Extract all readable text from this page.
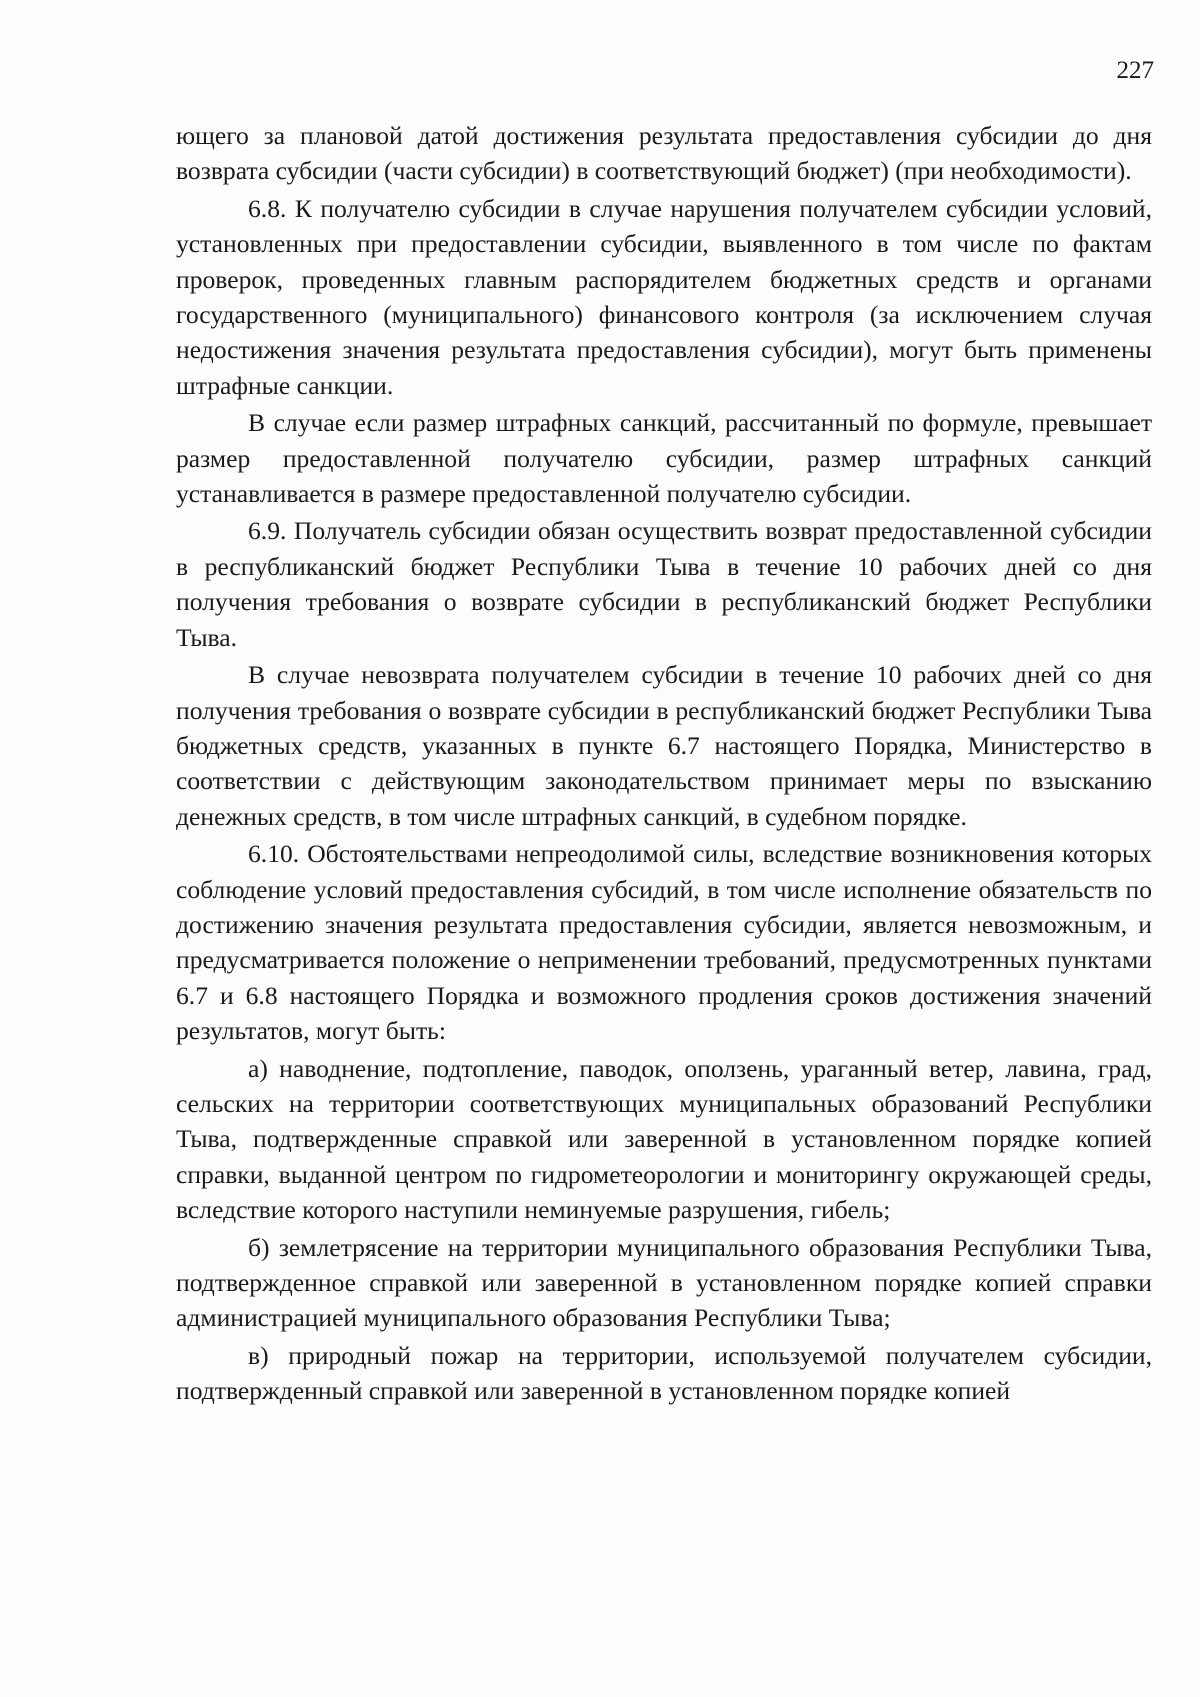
227

ющего за плановой датой достижения результата предоставления субсидии до дня возврата субсидии (части субсидии) в соответствующий бюджет) (при необходимости).

6.8. К получателю субсидии в случае нарушения получателем субсидии условий, установленных при предоставлении субсидии, выявленного в том числе по фактам проверок, проведенных главным распорядителем бюджетных средств и органами государственного (муниципального) финансового контроля (за исключением случая недостижения значения результата предоставления субсидии), могут быть применены штрафные санкции.

В случае если размер штрафных санкций, рассчитанный по формуле, превышает размер предоставленной получателю субсидии, размер штрафных санкций устанавливается в размере предоставленной получателю субсидии.

6.9. Получатель субсидии обязан осуществить возврат предоставленной субсидии в республиканский бюджет Республики Тыва в течение 10 рабочих дней со дня получения требования о возврате субсидии в республиканский бюджет Республики Тыва.

В случае невозврата получателем субсидии в течение 10 рабочих дней со дня получения требования о возврате субсидии в республиканский бюджет Республики Тыва бюджетных средств, указанных в пункте 6.7 настоящего Порядка, Министерство в соответствии с действующим законодательством принимает меры по взысканию денежных средств, в том числе штрафных санкций, в судебном порядке.

6.10. Обстоятельствами непреодолимой силы, вследствие возникновения которых соблюдение условий предоставления субсидий, в том числе исполнение обязательств по достижению значения результата предоставления субсидии, является невозможным, и предусматривается положение о неприменении требований, предусмотренных пунктами 6.7 и 6.8 настоящего Порядка и возможного продления сроков достижения значений результатов, могут быть:

а) наводнение, подтопление, паводок, оползень, ураганный ветер, лавина, град, сельских на территории соответствующих муниципальных образований Республики Тыва, подтвержденные справкой или заверенной в установленном порядке копией справки, выданной центром по гидрометеорологии и мониторингу окружающей среды, вследствие которого наступили неминуемые разрушения, гибель;

б) землетрясение на территории муниципального образования Республики Тыва, подтвержденное справкой или заверенной в установленном порядке копией справки администрацией муниципального образования Республики Тыва;

в) природный пожар на территории, используемой получателем субсидии, подтвержденный справкой или заверенной в установленном порядке копией
